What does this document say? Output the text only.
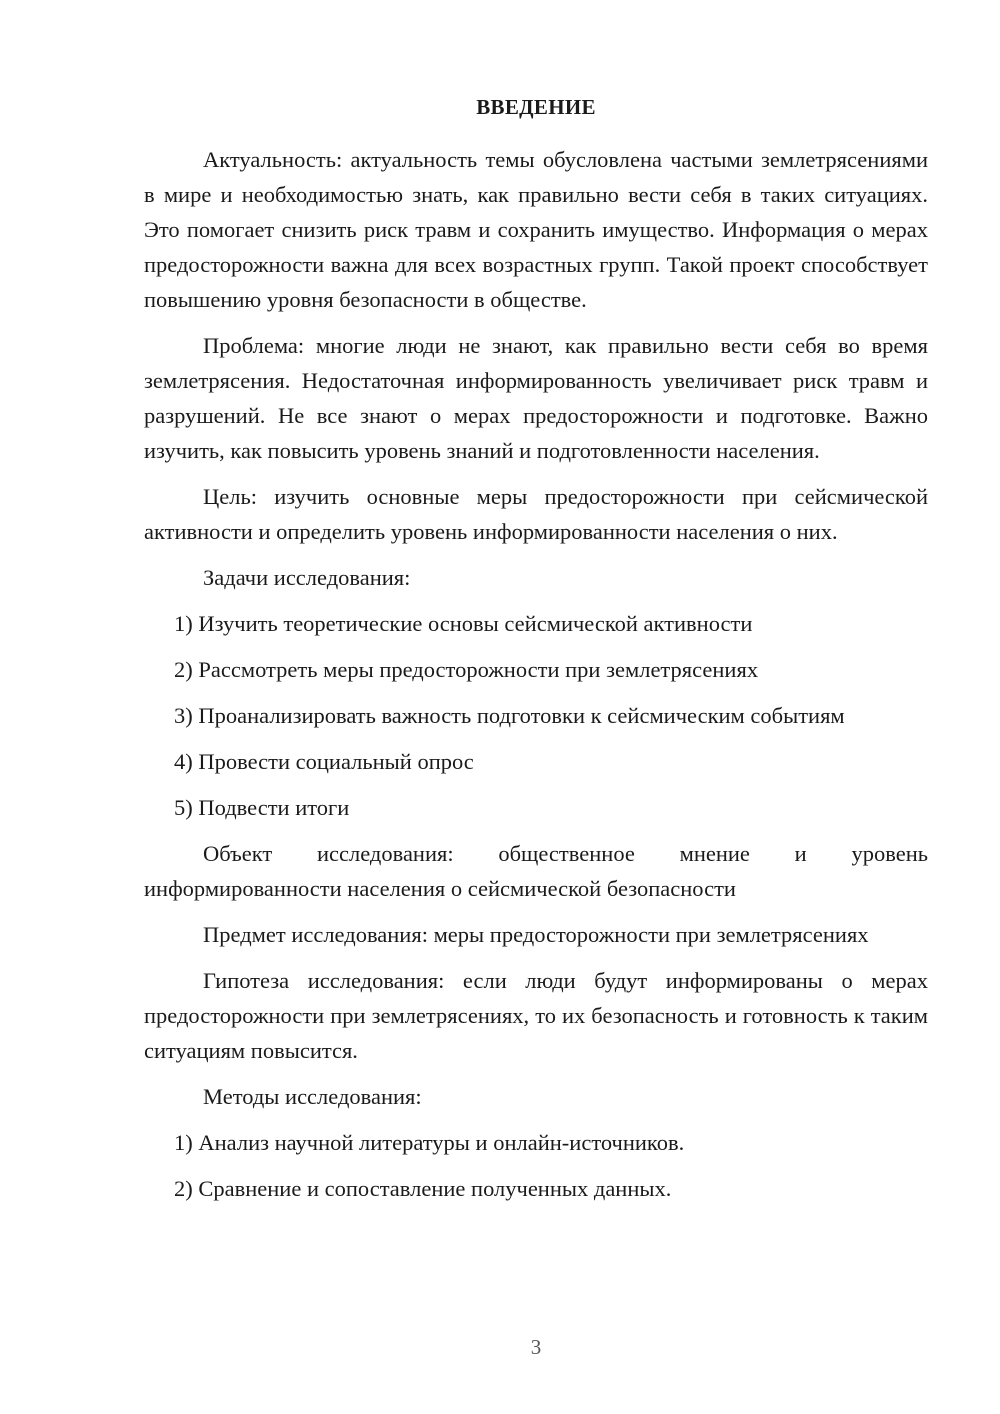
ВВЕДЕНИЕ

Актуальность: актуальность темы обусловлена частыми землетрясениями в мире и необходимостью знать, как правильно вести себя в таких ситуациях. Это помогает снизить риск травм и сохранить имущество. Информация о мерах предосторожности важна для всех возрастных групп. Такой проект способствует повышению уровня безопасности в обществе.

Проблема: многие люди не знают, как правильно вести себя во время землетрясения. Недостаточная информированность увеличивает риск травм и разрушений. Не все знают о мерах предосторожности и подготовке. Важно изучить, как повысить уровень знаний и подготовленности населения.

Цель: изучить основные меры предосторожности при сейсмической активности и определить уровень информированности населения о них.

Задачи исследования:

1) Изучить теоретические основы сейсмической активности

2) Рассмотреть меры предосторожности при землетрясениях

3) Проанализировать важность подготовки к сейсмическим событиям

4) Провести социальный опрос

5) Подвести итоги

Объект исследования: общественное мнение и уровень информированности населения о сейсмической безопасности

Предмет исследования: меры предосторожности при землетрясениях

Гипотеза исследования: если люди будут информированы о мерах предосторожности при землетрясениях, то их безопасность и готовность к таким ситуациям повысится.

Методы исследования:

1) Анализ научной литературы и онлайн-источников.

2) Сравнение и сопоставление полученных данных.

3
